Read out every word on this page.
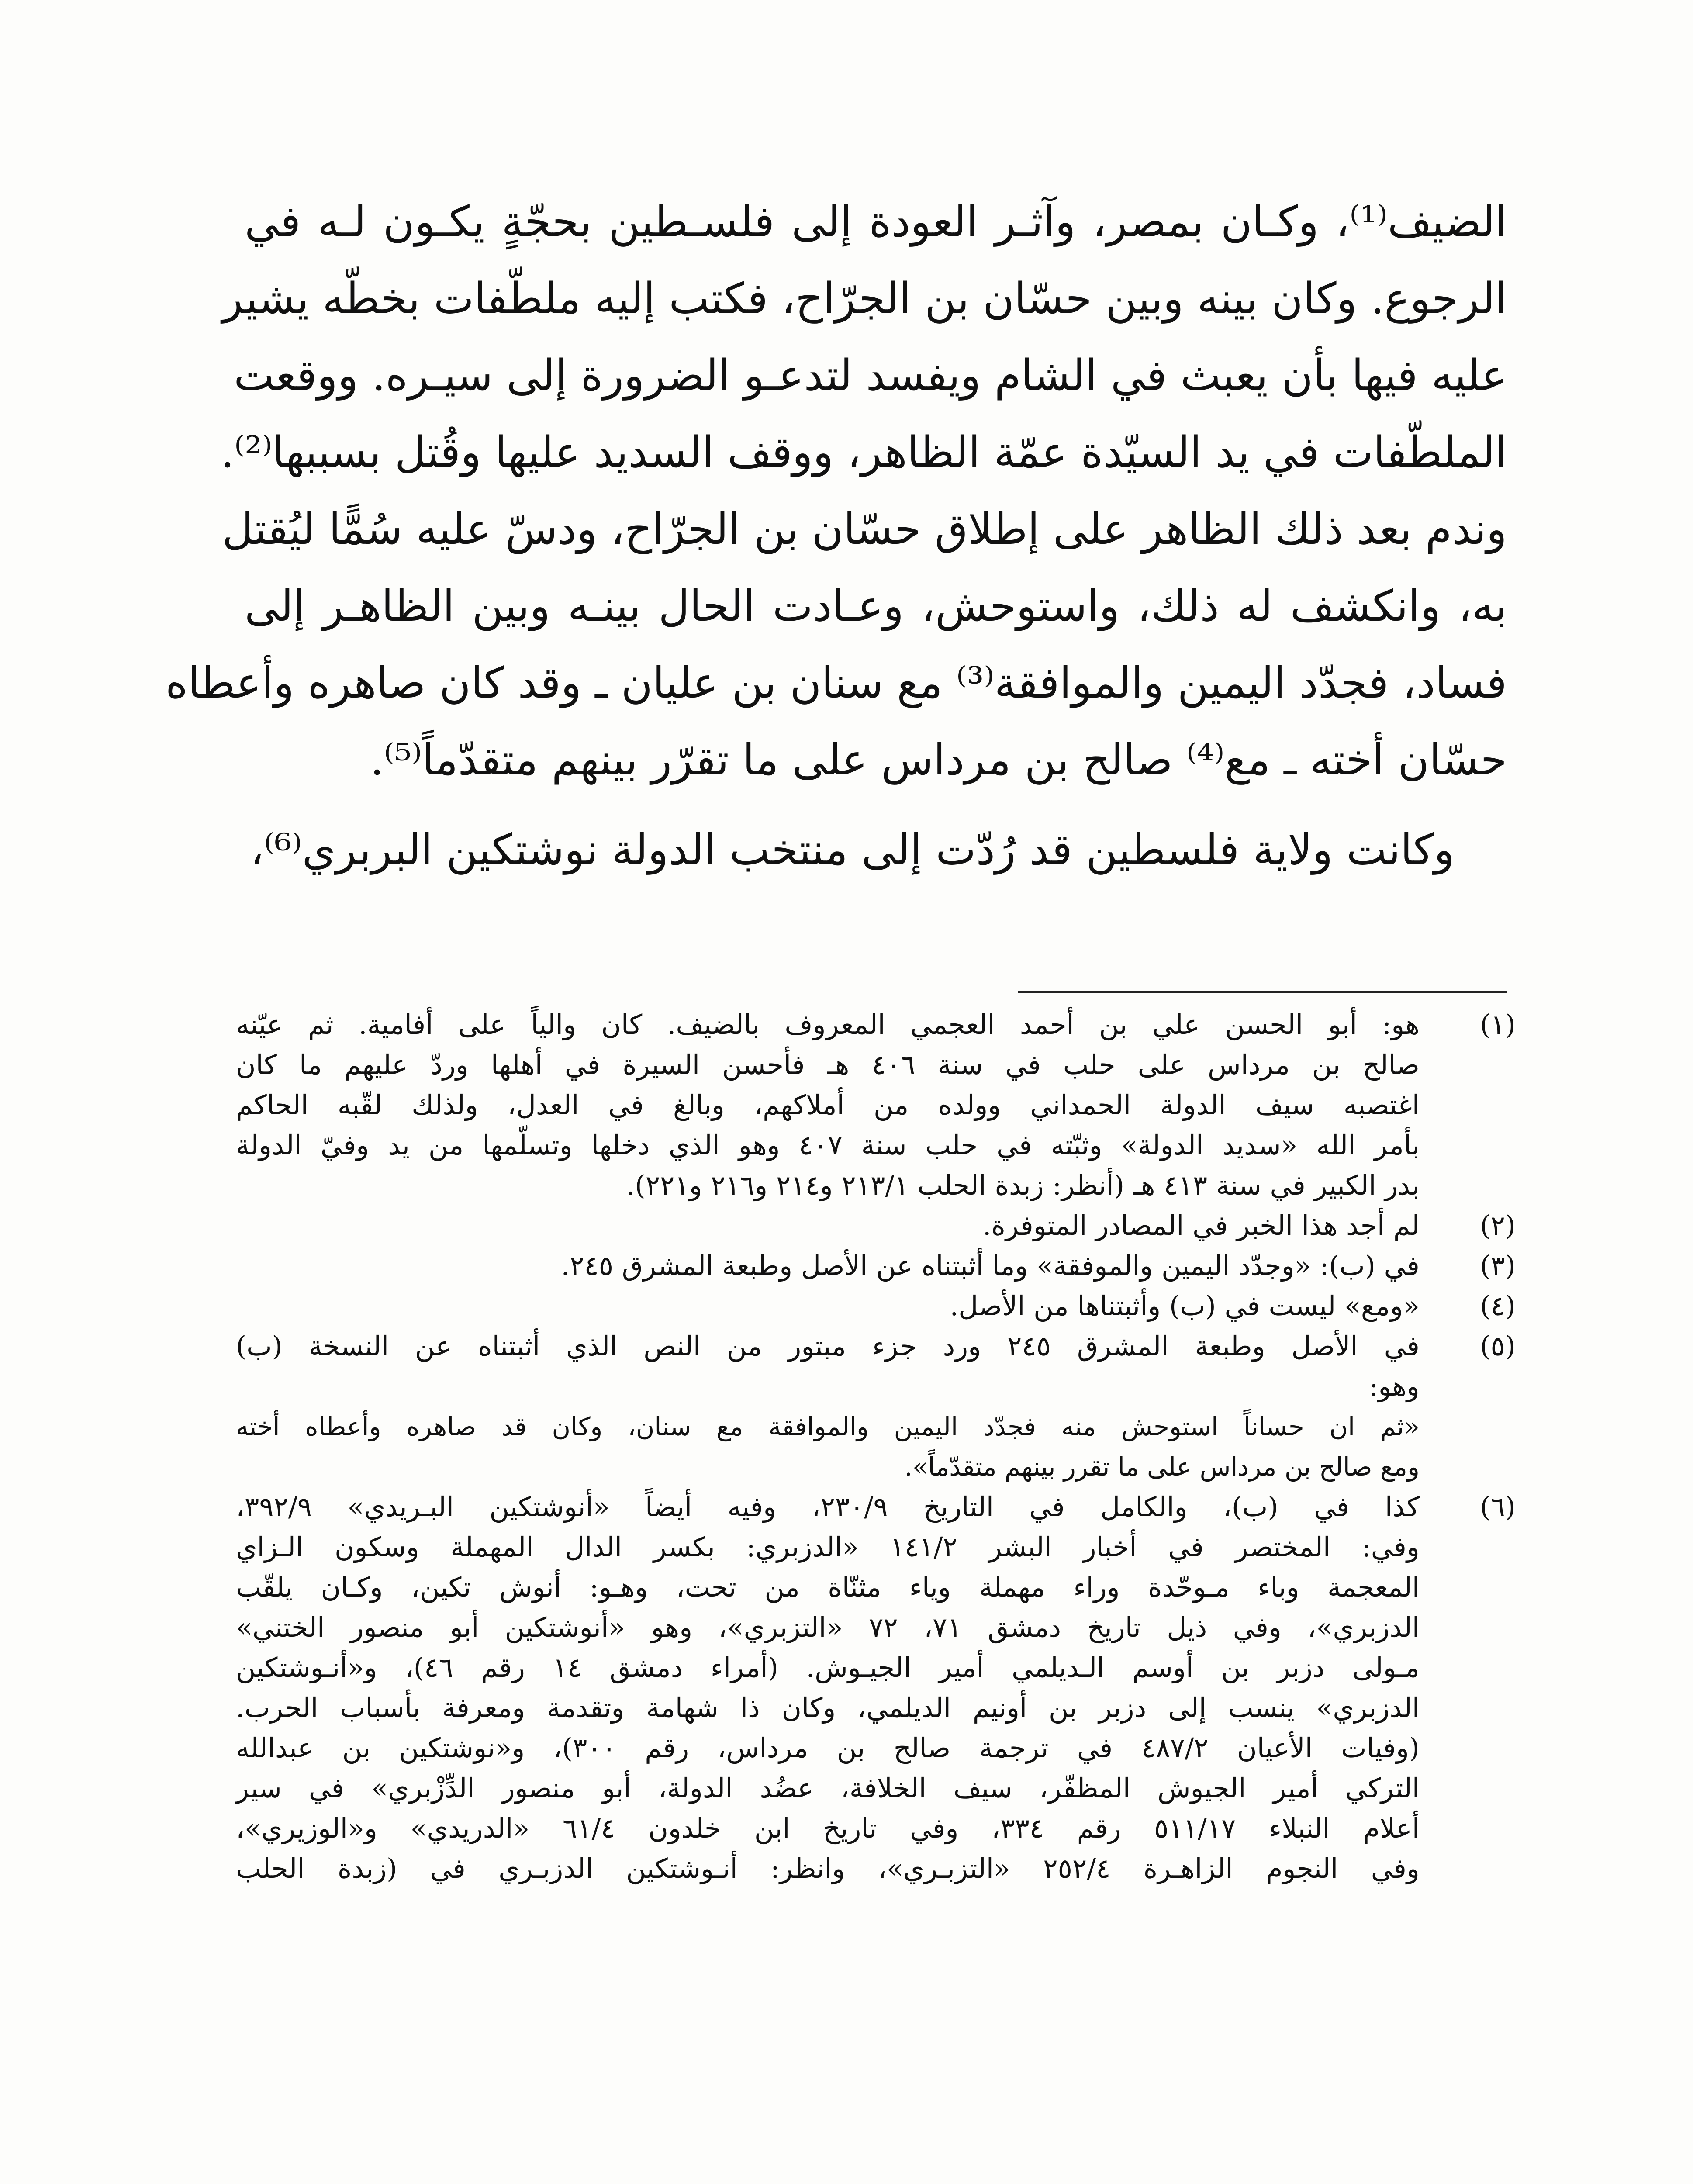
الضيف⁽¹⁾، وكـان بمصر، وآثـر العودة إلى فلسـطين بحجّةٍ يكـون لـه في
الرجوع. وكان بينه وبين حسّان بن الجرّاح، فكتب إليه ملطّفات بخطّه يشير
عليه فيها بأن يعبث في الشام ويفسد لتدعـو الضرورة إلى سيـره. ووقعت
الملطّفات في يد السيّدة عمّة الظاهر، ووقف السديد عليها وقُتل بسببها⁽²⁾.
وندم بعد ذلك الظاهر على إطلاق حسّان بن الجرّاح، ودسّ عليه سُمًّا ليُقتل
به، وانكشف له ذلك، واستوحش، وعـادت الحال بينـه وبين الظاهـر إلى
فساد، فجدّد اليمين والموافقة⁽³⁾ مع سنان بن عليان ـ وقد كان صاهره وأعطاه
حسّان أخته ـ مع⁽⁴⁾ صالح بن مرداس على ما تقرّر بينهم متقدّماً⁽⁵⁾.
وكانت ولاية فلسطين قد رُدّت إلى منتخب الدولة نوشتكين البربري⁽⁶⁾،
(١)
هو: أبو الحسن علي بن أحمد العجمي المعروف بالضيف. كان والياً على أفامية. ثم عيّنه
صالح بن مرداس على حلب في سنة ٤٠٦ هـ فأحسن السيرة في أهلها وردّ عليهم ما كان
اغتصبه سيف الدولة الحمداني وولده من أملاكهم، وبالغ في العدل، ولذلك لقّبه الحاكم
بأمر الله «سديد الدولة» وثبّته في حلب سنة ٤٠٧ وهو الذي دخلها وتسلّمها من يد وفيّ الدولة
بدر الكبير في سنة ٤١٣ هـ (أنظر: زبدة الحلب ٢١٣/١ و٢١٤ و٢١٦ و٢٢١).
(٢)
لم أجد هذا الخبر في المصادر المتوفرة.
(٣)
في (ب): «وجدّد اليمين والموفقة» وما أثبتناه عن الأصل وطبعة المشرق ٢٤٥.
(٤)
«ومع» ليست في (ب) وأثبتناها من الأصل.
(٥)
في الأصل وطبعة المشرق ٢٤٥ ورد جزء مبتور من النص الذي أثبتناه عن النسخة (ب)
وهو:
«ثم ان حساناً استوحش منه فجدّد اليمين والموافقة مع سنان، وكان قد صاهره وأعطاه أخته
ومع صالح بن مرداس على ما تقرر بينهم متقدّماً».
(٦)
كذا في (ب)، والكامل في التاريخ ٢٣٠/٩، وفيه أيضاً «أنوشتكين البـريدي» ٣٩٢/٩،
وفي: المختصر في أخبار البشر ١٤١/٢ «الدزبري: بكسر الدال المهملة وسكون الـزاي
المعجمة وباء مـوحّدة وراء مهملة وياء مثنّاة من تحت، وهـو: أنوش تكين، وكـان يلقّب
الدزبري»، وفي ذيل تاريخ دمشق ٧١، ٧٢ «التزبري»، وهو «أنوشتكين أبو منصور الختني»
مـولى دزبر بن أوسم الـديلمي أمير الجيـوش. (أمراء دمشق ١٤ رقم ٤٦)، و«أنـوشتكين
الدزبري» ينسب إلى دزبر بن أونيم الديلمي، وكان ذا شهامة وتقدمة ومعرفة بأسباب الحرب.
(وفيات الأعيان ٤٨٧/٢ في ترجمة صالح بن مرداس، رقم ٣٠٠)، و«نوشتكين بن عبدالله
التركي أمير الجيوش المظفّر، سيف الخلافة، عضُد الدولة، أبو منصور الدِّزْبري» في سير
أعلام النبلاء ٥١١/١٧ رقم ٣٣٤، وفي تاريخ ابن خلدون ٦١/٤ «الدريدي» و«الوزيري»،
وفي النجوم الزاهـرة ٢٥٢/٤ «التزبـري»، وانظر: أنـوشتكين الدزبـري في (زبدة الحلب
